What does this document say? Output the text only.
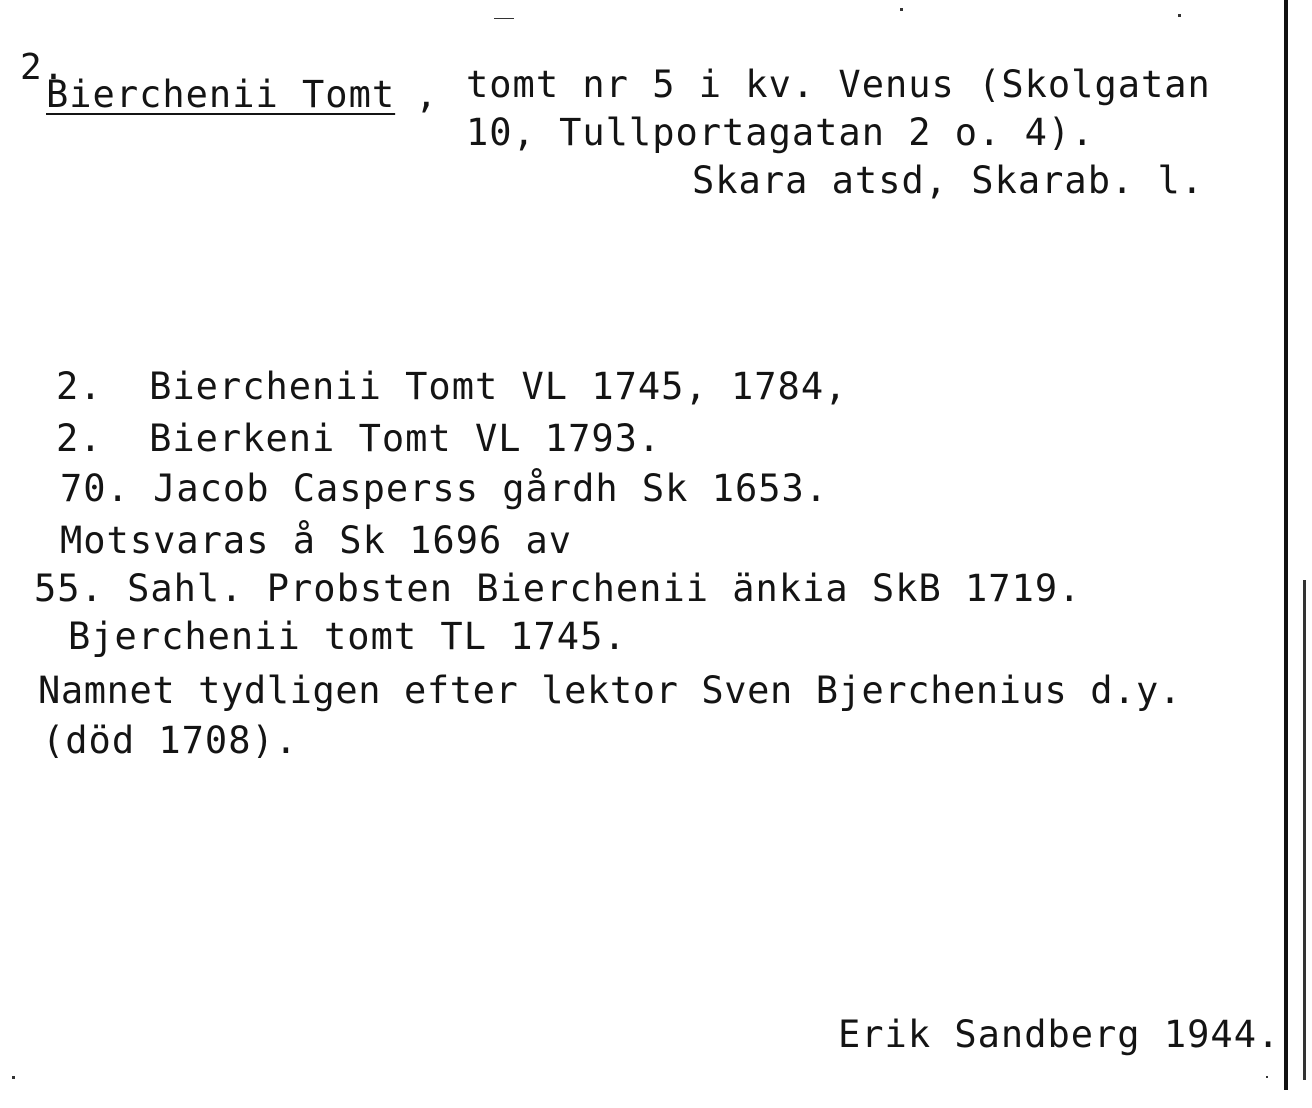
2.
Bierchenii Tomt , tomt nr 5 i kv. Venus (Skolgatan
10, Tullportagatan 2 o. 4).
Skara atsd, Skarab. l.
2.  Bierchenii Tomt VL 1745, 1784,
2.  Bierkeni Tomt VL 1793.
70. Jacob Casperss gårdh Sk 1653.
Motsvaras å Sk 1696 av
55. Sahl. Probsten Bierchenii änkia SkB 1719.
Bjerchenii tomt TL 1745.
Namnet tydligen efter lektor Sven Bjerchenius d.y.
(död 1708).
Erik Sandberg 1944.
